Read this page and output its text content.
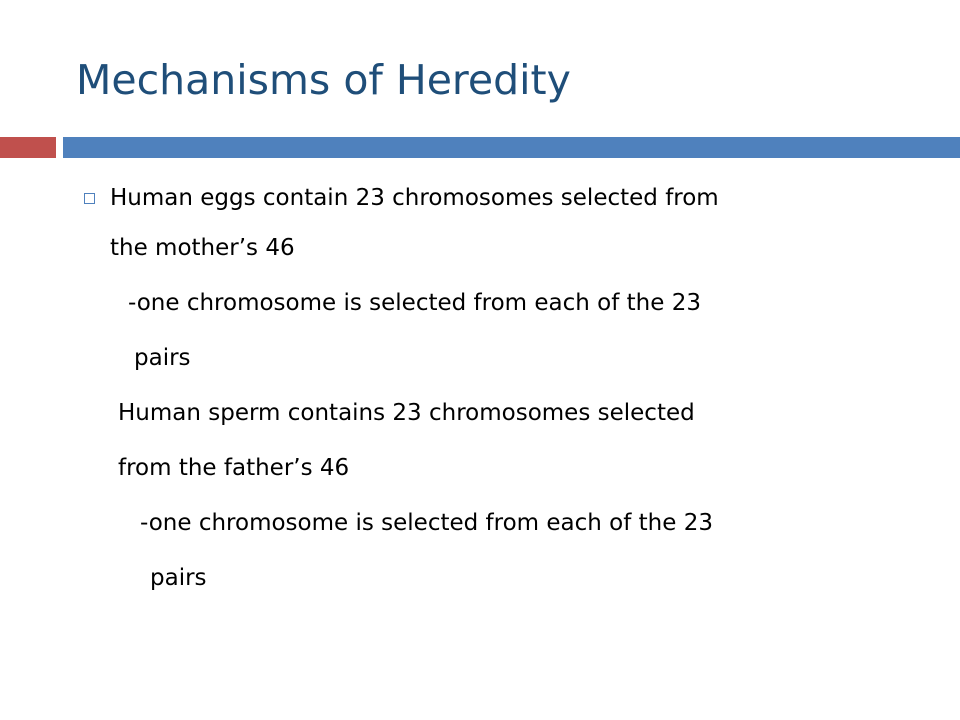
Mechanisms of Heredity
Human eggs contain 23 chromosomes selected from
the mother’s 46
-one chromosome is selected from each of the 23
pairs
Human sperm contains 23 chromosomes selected
from the father’s 46
-one chromosome is selected from each of the 23
pairs
